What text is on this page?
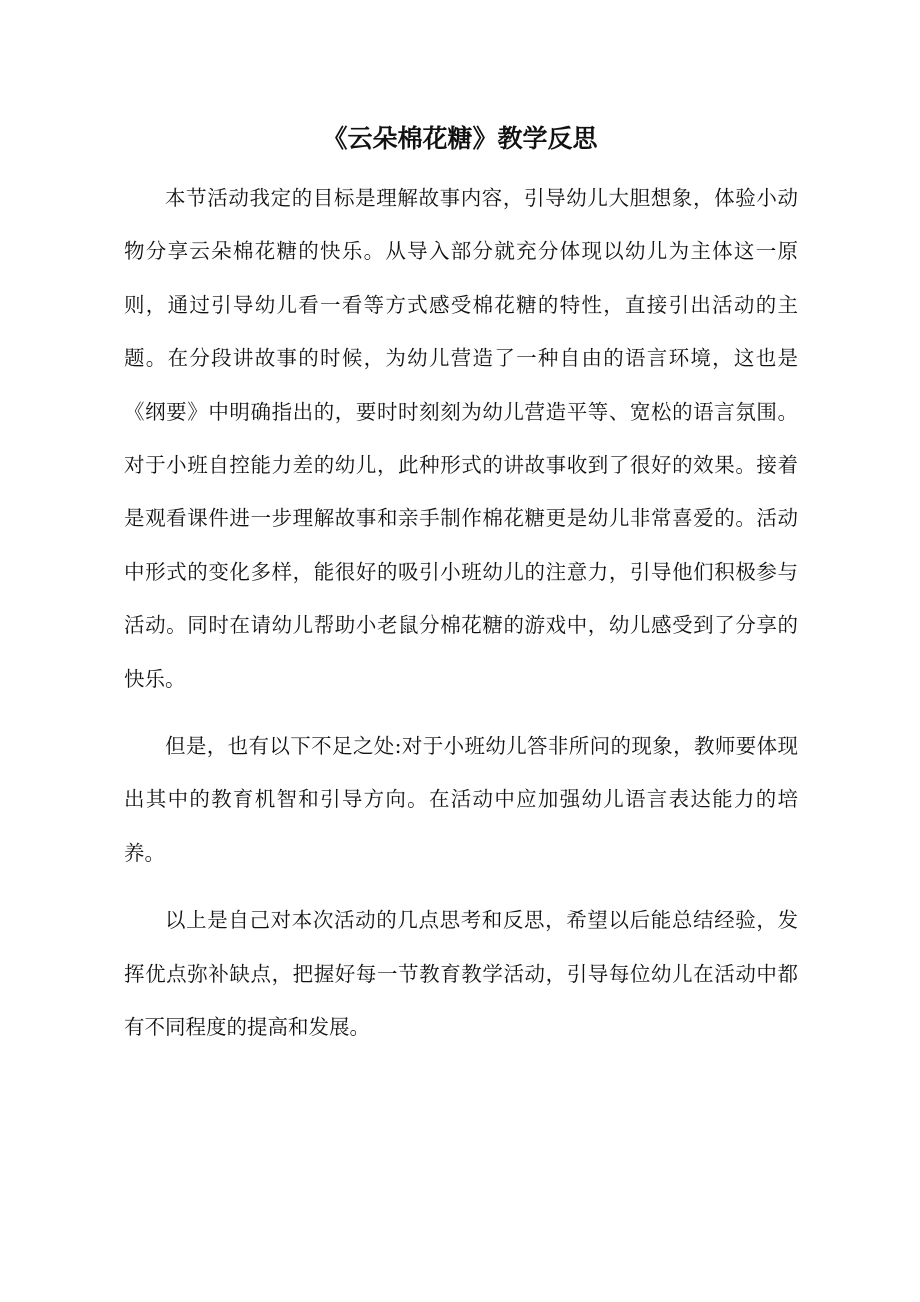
《云朵棉花糖》教学反思

本节活动我定的目标是理解故事内容，引导幼儿大胆想象，体验小动物分享云朵棉花糖的快乐。从导入部分就充分体现以幼儿为主体这一原则，通过引导幼儿看一看等方式感受棉花糖的特性，直接引出活动的主题。在分段讲故事的时候，为幼儿营造了一种自由的语言环境，这也是《纲要》中明确指出的，要时时刻刻为幼儿营造平等、宽松的语言氛围。对于小班自控能力差的幼儿，此种形式的讲故事收到了很好的效果。接着是观看课件进一步理解故事和亲手制作棉花糖更是幼儿非常喜爱的。活动中形式的变化多样，能很好的吸引小班幼儿的注意力，引导他们积极参与活动。同时在请幼儿帮助小老鼠分棉花糖的游戏中，幼儿感受到了分享的快乐。

但是，也有以下不足之处:对于小班幼儿答非所问的现象，教师要体现出其中的教育机智和引导方向。在活动中应加强幼儿语言表达能力的培养。

以上是自己对本次活动的几点思考和反思，希望以后能总结经验，发挥优点弥补缺点，把握好每一节教育教学活动，引导每位幼儿在活动中都有不同程度的提高和发展。
